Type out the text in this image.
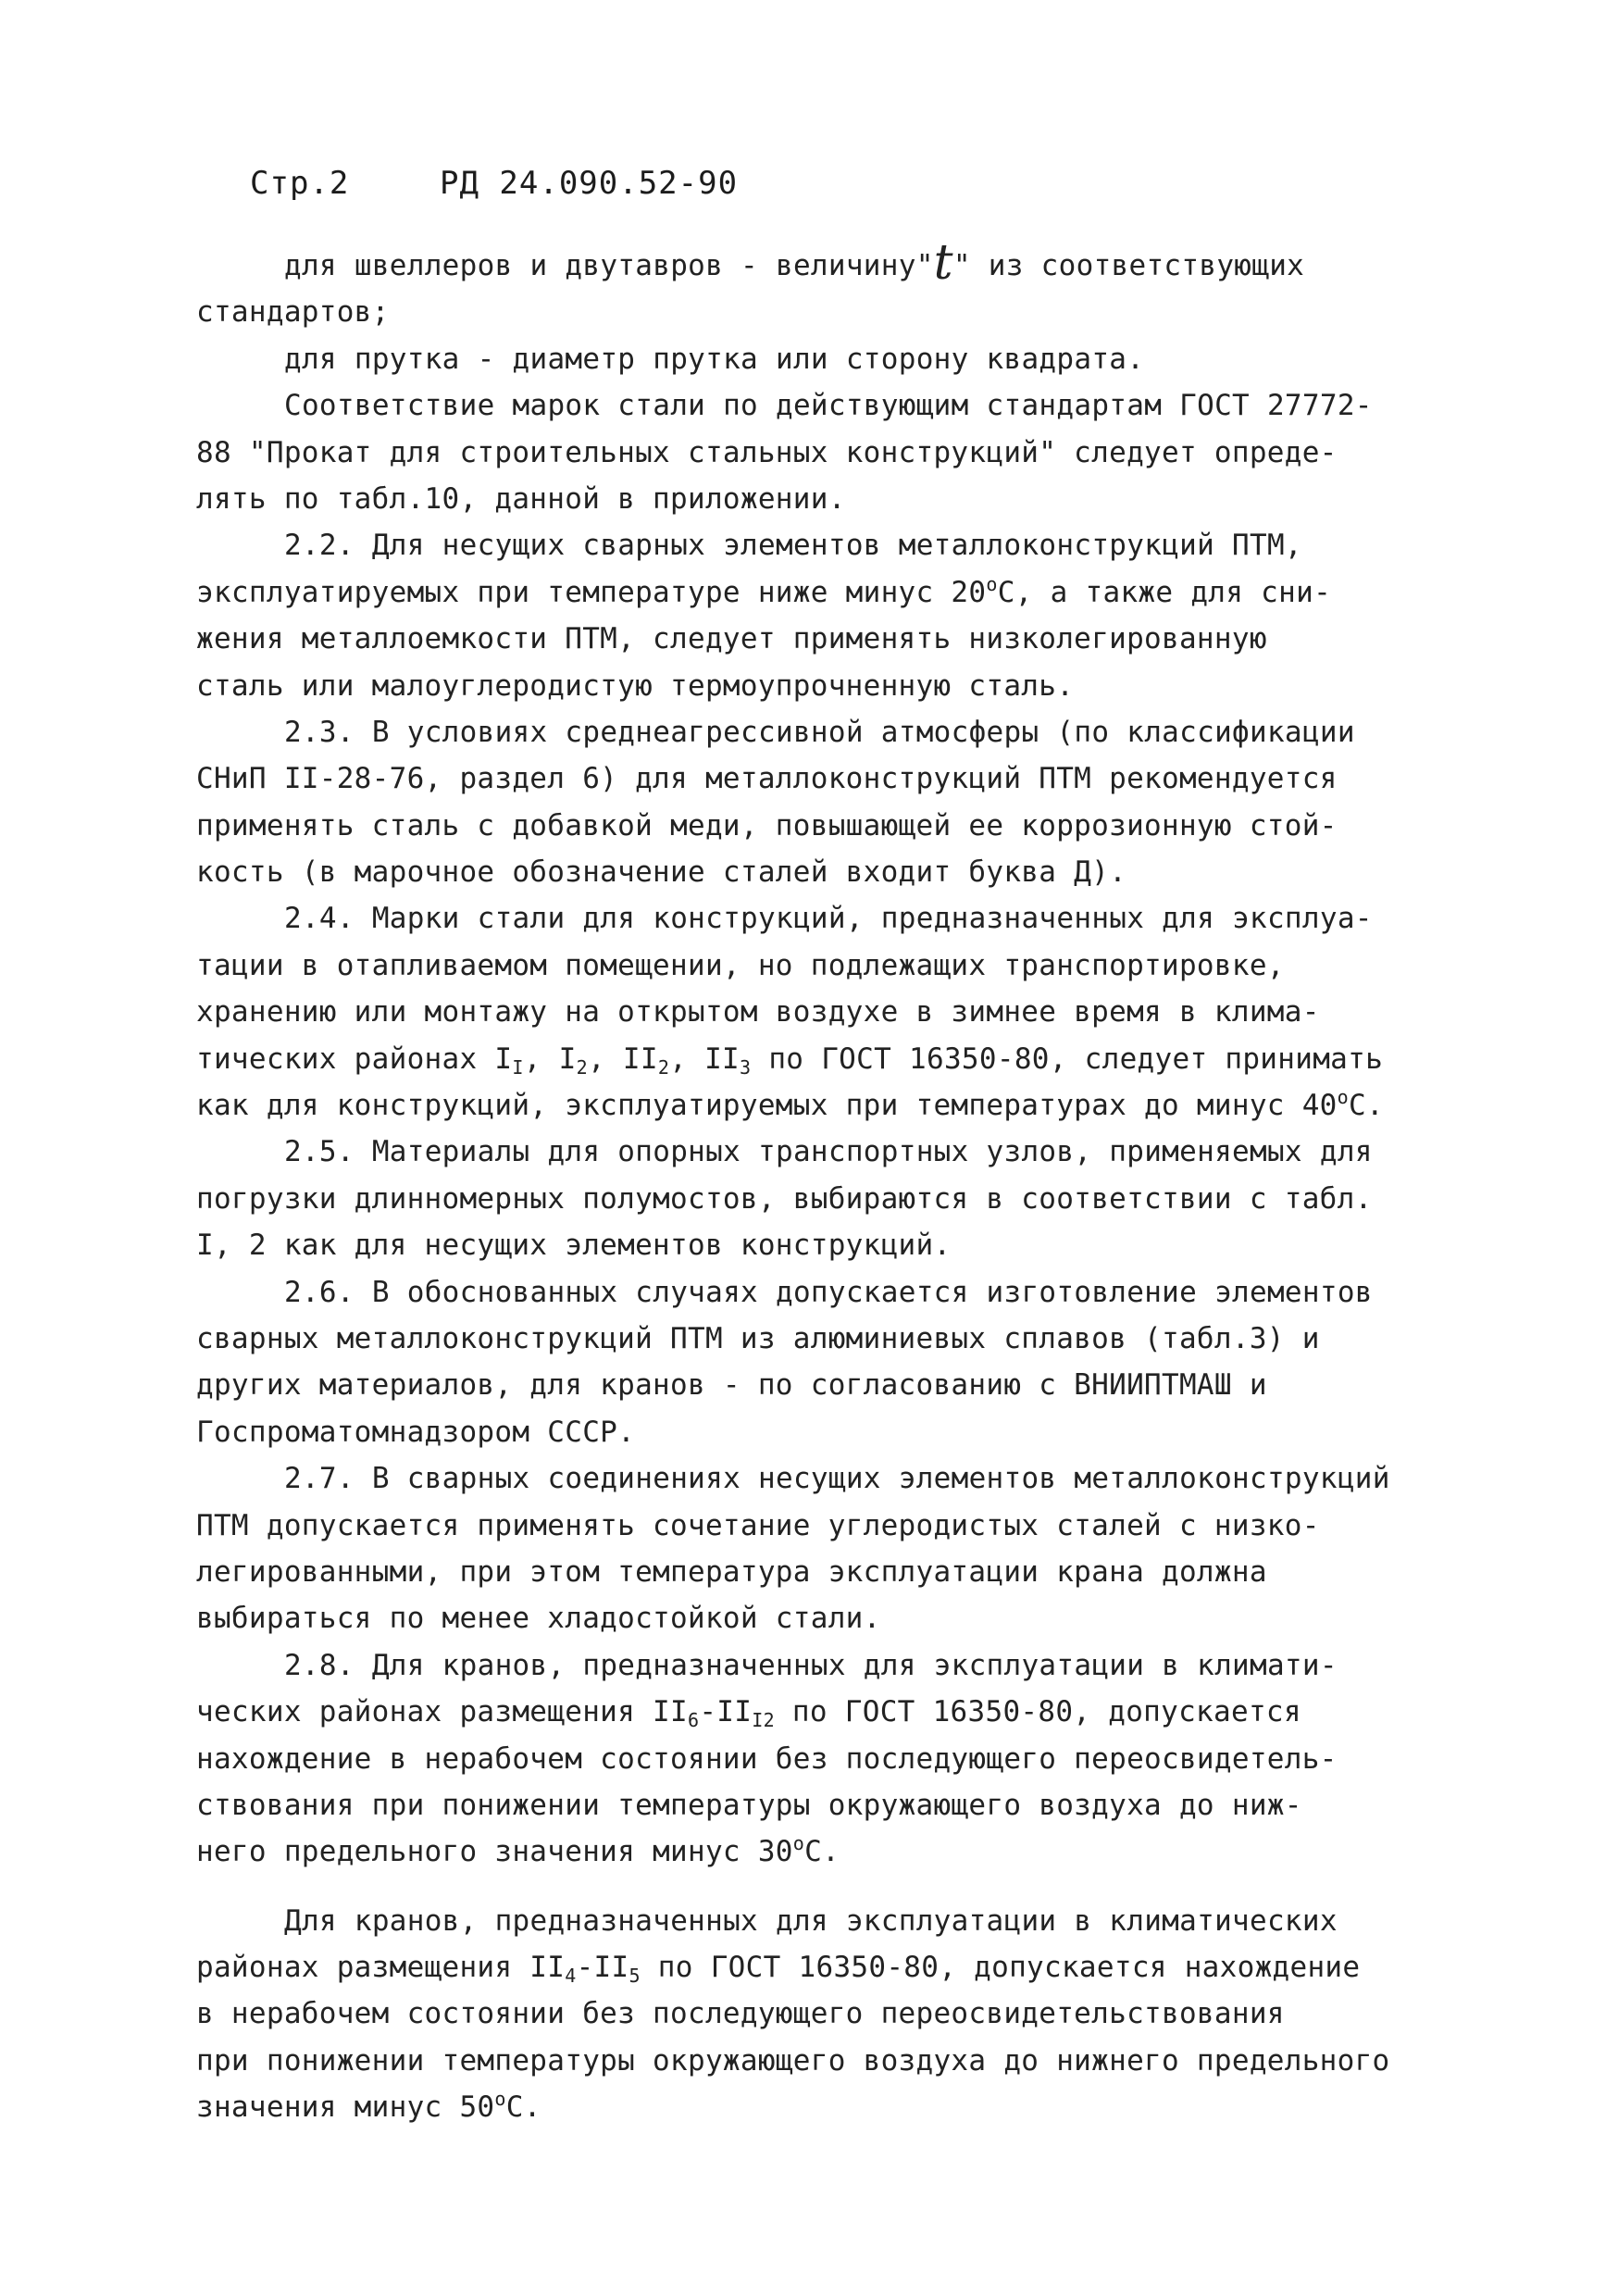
Стр.2	РД 24.090.52-90
для швеллеров и двутавров - величину"t" из соответствующих
стандартов;
для прутка - диаметр прутка или сторону квадрата.
Соответствие марок стали по действующим стандартам ГОСТ 27772-
88 "Прокат для строительных стальных конструкций" следует опреде-
лять по табл.10, данной в приложении.
2.2. Для несущих сварных элементов металлоконструкций ПТМ,
эксплуатируемых при температуре ниже минус $20^оС$, а также для сни-
жения металлоемкости ПТМ, следует применять низколегированную
сталь или малоуглеродистую термоупрочненную сталь.
2.3. В условиях среднеагрессивной атмосферы (по классификации
СНиП II-28-76, раздел 6) для металлоконструкций ПТМ рекомендуется
применять сталь с добавкой меди, повышающей ее коррозионную стой-
кость (в марочное обозначение сталей входит буква Д).
2.4. Марки стали для конструкций, предназначенных для эксплуа-
тации в отапливаемом помещении, но подлежащих транспортировке,
хранению или монтажу на открытом воздухе в зимнее время в клима-
тических районах $I_I$, $I_2$, $II_2$, $II_3$ по ГОСТ 16350-80, следует принимать
как для конструкций, эксплуатируемых при температурах до минус $40^оС$.
2.5. Материалы для опорных транспортных узлов, применяемых для
погрузки длинномерных полумостов, выбираются в соответствии с табл.
I, 2 как для несущих элементов конструкций.
2.6. В обоснованных случаях допускается изготовление элементов
сварных металлоконструкций ПТМ из алюминиевых сплавов (табл.3) и
других материалов, для кранов - по согласованию с ВНИИПТМАШ и
Госпроматомнадзором СССР.
2.7. В сварных соединениях несущих элементов металлоконструкций
ПТМ допускается применять сочетание углеродистых сталей с низко-
легированными, при этом температура эксплуатации крана должна
выбираться по менее хладостойкой стали.
2.8. Для кранов, предназначенных для эксплуатации в климати-
ческих районах размещения $II_6-II_{I2}$ по ГОСТ 16350-80, допускается
нахождение в нерабочем состоянии без последующего переосвидетель-
ствования при понижении температуры окружающего воздуха до ниж-
него предельного значения минус $30^оС$.
Для кранов, предназначенных для эксплуатации в климатических
районах размещения $II_4-II_5$ по ГОСТ 16350-80, допускается нахождение
в нерабочем состоянии без последующего переосвидетельствования
при понижении температуры окружающего воздуха до нижнего предельного
значения минус $50^оС$.
